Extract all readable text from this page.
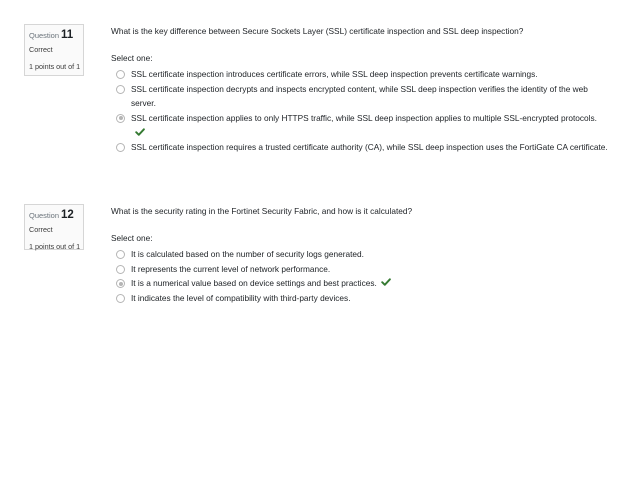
Question 11
Correct
1 points out of 1

What is the key difference between Secure Sockets Layer (SSL) certificate inspection and SSL deep inspection?

Select one:
SSL certificate inspection introduces certificate errors, while SSL deep inspection prevents certificate warnings.
SSL certificate inspection decrypts and inspects encrypted content, while SSL deep inspection verifies the identity of the web server.
SSL certificate inspection applies to only HTTPS traffic, while SSL deep inspection applies to multiple SSL-encrypted protocols.
SSL certificate inspection requires a trusted certificate authority (CA), while SSL deep inspection uses the FortiGate CA certificate.
Question 12
Correct
1 points out of 1

What is the security rating in the Fortinet Security Fabric, and how is it calculated?

Select one:
It is calculated based on the number of security logs generated.
It represents the current level of network performance.
It is a numerical value based on device settings and best practices.
It indicates the level of compatibility with third-party devices.
